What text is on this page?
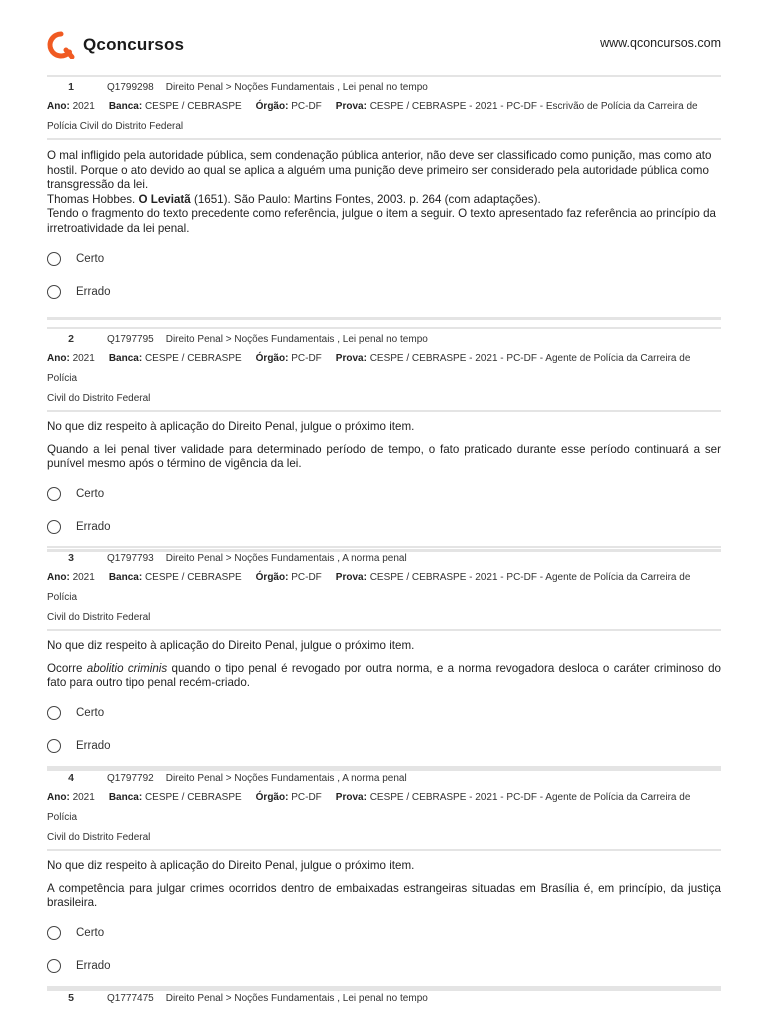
Qconcursos	www.qconcursos.com
1	Q1799298 Direito Penal > Noções Fundamentais , Lei penal no tempo
Ano: 2021 Banca: CESPE / CEBRASPE Órgão: PC-DF Prova: CESPE / CEBRASPE - 2021 - PC-DF - Escrivão de Polícia da Carreira de
Polícia Civil do Distrito Federal

O mal infligido pela autoridade pública, sem condenação pública anterior, não deve ser classificado como punição, mas como ato hostil. Porque o ato devido ao qual se aplica a alguém uma punição deve primeiro ser considerado pela autoridade pública como transgressão da lei.

Thomas Hobbes. O Leviatã (1651). São Paulo: Martins Fontes, 2003. p. 264 (com adaptações).

Tendo o fragmento do texto precedente como referência, julgue o item a seguir. O texto apresentado faz referência ao princípio da irretroatividade da lei penal.

Certo
Errado
2	Q1797795 Direito Penal > Noções Fundamentais , Lei penal no tempo
Ano: 2021 Banca: CESPE / CEBRASPE Órgão: PC-DF Prova: CESPE / CEBRASPE - 2021 - PC-DF - Agente de Polícia da Carreira de Polícia
Civil do Distrito Federal

No que diz respeito à aplicação do Direito Penal, julgue o próximo item.

Quando a lei penal tiver validade para determinado período de tempo, o fato praticado durante esse período continuará a ser punível mesmo após o término de vigência da lei.

Certo
Errado
3	Q1797793 Direito Penal > Noções Fundamentais , A norma penal
Ano: 2021 Banca: CESPE / CEBRASPE Órgão: PC-DF Prova: CESPE / CEBRASPE - 2021 - PC-DF - Agente de Polícia da Carreira de Polícia
Civil do Distrito Federal

No que diz respeito à aplicação do Direito Penal, julgue o próximo item.

Ocorre abolitio criminis quando o tipo penal é revogado por outra norma, e a norma revogadora desloca o caráter criminoso do fato para outro tipo penal recém-criado.

Certo
Errado
4	Q1797792 Direito Penal > Noções Fundamentais , A norma penal
Ano: 2021 Banca: CESPE / CEBRASPE Órgão: PC-DF Prova: CESPE / CEBRASPE - 2021 - PC-DF - Agente de Polícia da Carreira de Polícia
Civil do Distrito Federal

No que diz respeito à aplicação do Direito Penal, julgue o próximo item.

A competência para julgar crimes ocorridos dentro de embaixadas estrangeiras situadas em Brasília é, em princípio, da justiça brasileira.

Certo
Errado
5	Q1777475 Direito Penal > Noções Fundamentais , Lei penal no tempo
